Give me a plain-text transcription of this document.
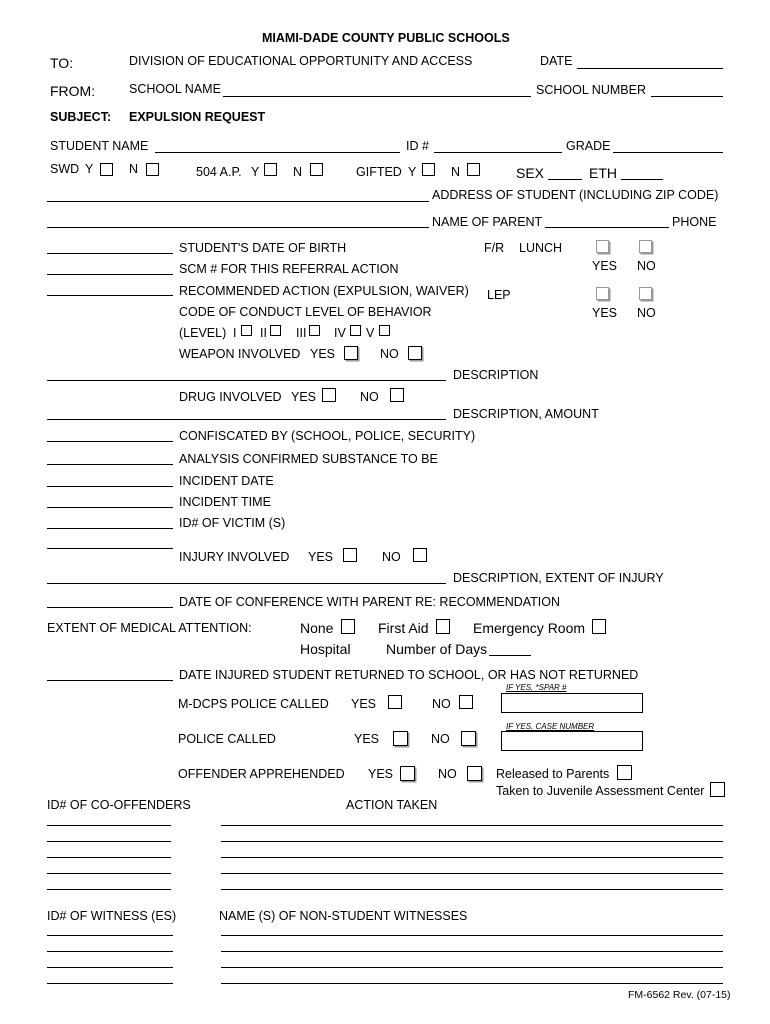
MIAMI-DADE COUNTY PUBLIC SCHOOLS
TO:	DIVISION OF EDUCATIONAL OPPORTUNITY AND ACCESS	DATE
FROM:	SCHOOL NAME	SCHOOL NUMBER
SUBJECT: EXPULSION REQUEST
STUDENT NAME	ID #	GRADE
SWD Y	N	504 A.P. Y	N	GIFTED Y	N	SEX	ETH
ADDRESS OF STUDENT (INCLUDING ZIP CODE)
NAME OF PARENT	PHONE
STUDENT'S DATE OF BIRTH	F/R LUNCH
YES NO
SCM # FOR THIS REFERRAL ACTION
RECOMMENDED ACTION (EXPULSION, WAIVER) LEP
YES NO
CODE OF CONDUCT LEVEL OF BEHAVIOR
(LEVEL) I II III IV V
WEAPON INVOLVED YES	NO
DESCRIPTION
DRUG INVOLVED YES	NO
DESCRIPTION, AMOUNT
CONFISCATED BY (SCHOOL, POLICE, SECURITY)
ANALYSIS CONFIRMED SUBSTANCE TO BE
INCIDENT DATE
INCIDENT TIME
ID# OF VICTIM (S)
INJURY INVOLVED YES	NO
DESCRIPTION, EXTENT OF INJURY
DATE OF CONFERENCE WITH PARENT RE: RECOMMENDATION
EXTENT OF MEDICAL ATTENTION:	None	First Aid	Emergency Room
Hospital	Number of Days
DATE INJURED STUDENT RETURNED TO SCHOOL, OR HAS NOT RETURNED
IF YES, *SPAR #
M-DCPS POLICE CALLED YES	NO
IF YES, CASE NUMBER
POLICE CALLED	YES	NO
OFFENDER APPREHENDED YES	NO	Released to Parents
Taken to Juvenile Assessment Center
ID# OF CO-OFFENDERS	ACTION TAKEN
ID# OF WITNESS (ES)	NAME (S) OF NON-STUDENT WITNESSES
FM-6562 Rev. (07-15)
